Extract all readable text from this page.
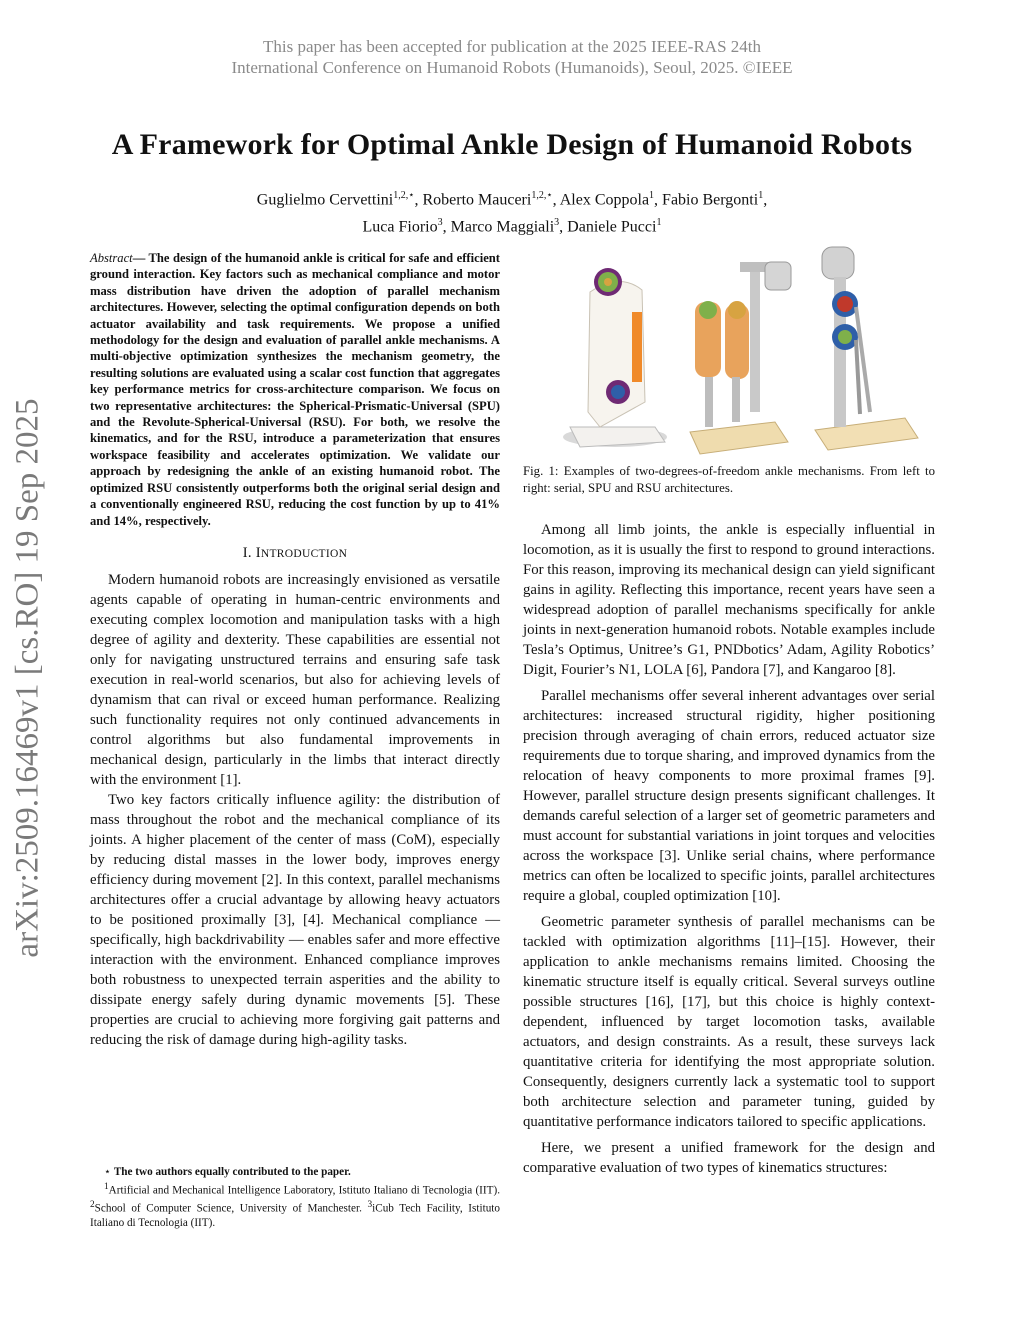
This paper has been accepted for publication at the 2025 IEEE-RAS 24th
International Conference on Humanoid Robots (Humanoids), Seoul, 2025. ©IEEE
A Framework for Optimal Ankle Design of Humanoid Robots
Guglielmo Cervettini$^{1,2,⋆}$, Roberto Mauceri$^{1,2,⋆}$, Alex Coppola$^1$, Fabio Bergonti$^1$,
Luca Fiorio$^3$, Marco Maggiali$^3$, Daniele Pucci$^1$
arXiv:2509.16469v1 [cs.RO] 19 Sep 2025
Abstract— The design of the humanoid ankle is critical for safe and efficient ground interaction. Key factors such as mechanical compliance and motor mass distribution have driven the adoption of parallel mechanism architectures. However, selecting the optimal configuration depends on both actuator availability and task requirements. We propose a unified methodology for the design and evaluation of parallel ankle mechanisms. A multi-objective optimization synthesizes the mechanism geometry, the resulting solutions are evaluated using a scalar cost function that aggregates key performance metrics for cross-architecture comparison. We focus on two representative architectures: the Spherical-Prismatic-Universal (SPU) and the Revolute-Spherical-Universal (RSU). For both, we resolve the kinematics, and for the RSU, introduce a parameterization that ensures workspace feasibility and accelerates optimization. We validate our approach by redesigning the ankle of an existing humanoid robot. The optimized RSU consistently outperforms both the original serial design and a conventionally engineered RSU, reducing the cost function by up to 41% and 14%, respectively.
I. INTRODUCTION

Modern humanoid robots are increasingly envisioned as versatile agents capable of operating in human-centric environments and executing complex locomotion and manipulation tasks with a high degree of agility and dexterity. These capabilities are essential not only for navigating unstructured terrains and ensuring safe task execution in real-world scenarios, but also for achieving levels of dynamism that can rival or exceed human performance. Realizing such functionality requires not only continued advancements in control algorithms but also fundamental improvements in mechanical design, particularly in the limbs that interact directly with the environment [1].

Two key factors critically influence agility: the distribution of mass throughout the robot and the mechanical compliance of its joints. A higher placement of the center of mass (CoM), especially by reducing distal masses in the lower body, improves energy efficiency during movement [2]. In this context, parallel mechanisms architectures offer a crucial advantage by allowing heavy actuators to be positioned proximally [3], [4]. Mechanical compliance — specifically, high backdrivability — enables safer and more effective interaction with the environment. Enhanced compliance improves both robustness to unexpected terrain asperities and the ability to dissipate energy safely during dynamic movements [5]. These properties are crucial to achieving more forgiving gait patterns and reducing the risk of damage during high-agility tasks.

⋆ The two authors equally contributed to the paper.

$^1$Artificial and Mechanical Intelligence Laboratory, Istituto Italiano di Tecnologia (IIT). $^2$School of Computer Science, University of Manchester. $^3$iCub Tech Facility, Istituto Italiano di Tecnologia (IIT).

Fig. 1: Examples of two-degrees-of-freedom ankle mechanisms. From left to right: serial, SPU and RSU architectures.

Among all limb joints, the ankle is especially influential in locomotion, as it is usually the first to respond to ground interactions. For this reason, improving its mechanical design can yield significant gains in agility. Reflecting this importance, recent years have seen a widespread adoption of parallel mechanisms specifically for ankle joints in next-generation humanoid robots. Notable examples include Tesla’s Optimus, Unitree’s G1, PNDbotics’ Adam, Agility Robotics’ Digit, Fourier’s N1, LOLA [6], Pandora [7], and Kangaroo [8].

Parallel mechanisms offer several inherent advantages over serial architectures: increased structural rigidity, higher positioning precision through averaging of chain errors, reduced actuator size requirements due to torque sharing, and improved dynamics from the relocation of heavy components to more proximal frames [9]. However, parallel structure design presents significant challenges. It demands careful selection of a larger set of geometric parameters and must account for substantial variations in joint torques and velocities across the workspace [3]. Unlike serial chains, where performance metrics can often be localized to specific joints, parallel architectures require a global, coupled optimization [10].

Geometric parameter synthesis of parallel mechanisms can be tackled with optimization algorithms [11]–[15]. However, their application to ankle mechanisms remains limited. Choosing the kinematic structure itself is equally critical. Several surveys outline possible structures [16], [17], but this choice is highly context-dependent, influenced by target locomotion tasks, available actuators, and design constraints. As a result, these surveys lack quantitative criteria for identifying the most appropriate solution. Consequently, designers currently lack a systematic tool to support both architecture selection and parameter tuning, guided by quantitative performance indicators tailored to specific applications.

Here, we present a unified framework for the design and comparative evaluation of two types of kinematics structures:
